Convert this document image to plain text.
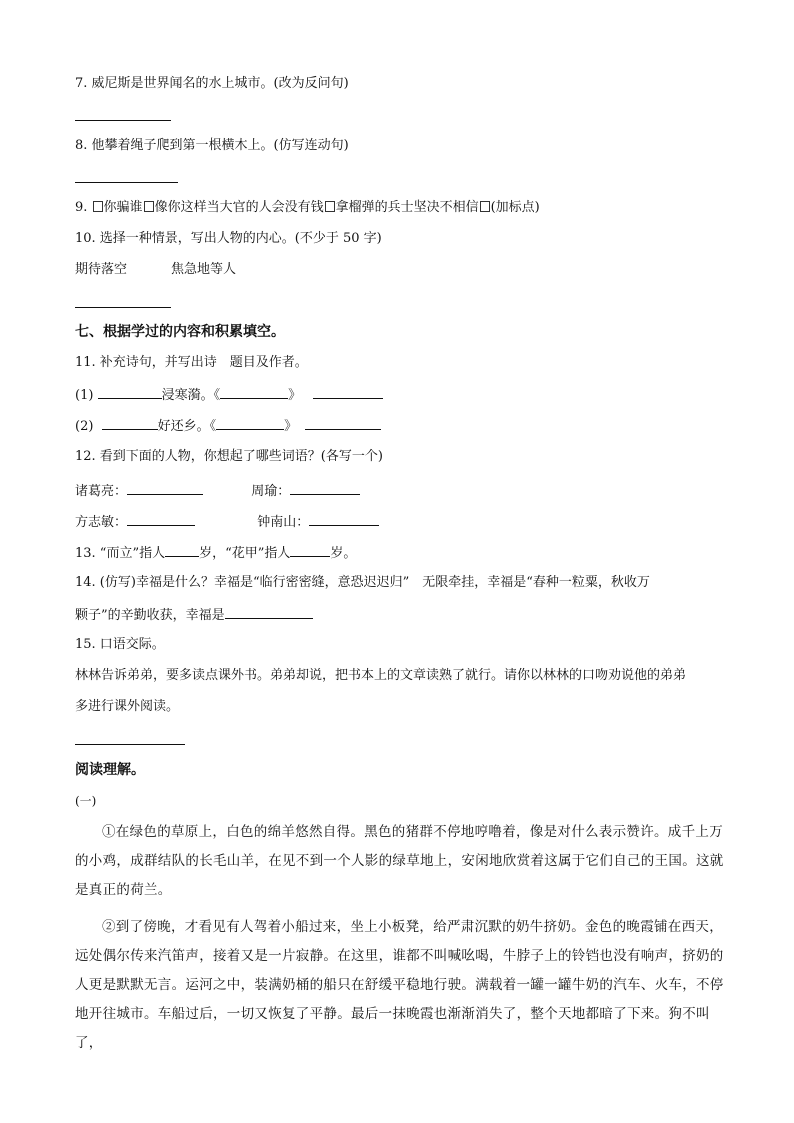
7. 威尼斯是世界闻名的水上城市。(改为反问句)
8. 他攀着绳子爬到第一根横木上。(仿写连动句)
9. 你骗谁 像你这样当大官的人会没有钱 拿榴弹的兵士坚决不相信 (加标点)
10. 选择一种情景，写出人物的内心。(不少于 50 字)
期待落空	焦急地等人
七、根据学过的内容和积累填空。
11. 补充诗句，并写出诗　题目及作者。
(1)	浸寒漪。《	》
(2)	好还乡。《	》
12. 看到下面的人物，你想起了哪些词语？(各写一个)
诸葛亮：	周瑜：
方志敏：	钟南山：
13. “而立”指人	岁，“花甲”指人	岁。
14. (仿写)幸福是什么？幸福是“临行密密缝，意恐迟迟归”　无限牵挂，幸福是“春种一粒粟，秋收万
颗子”的辛勤收获，幸福是
15. 口语交际。
林林告诉弟弟，要多读点课外书。弟弟却说，把书本上的文章读熟了就行。请你以林林的口吻劝说他的弟弟
多进行课外阅读。
阅读理解。
(一)
①在绿色的草原上，白色的绵羊悠然自得。黑色的猪群不停地哼噜着，像是对什么表示赞许。成千上万的小鸡，成群结队的长毛山羊，在见不到一个人影的绿草地上，安闲地欣赏着这属于它们自己的王国。这就是真正的荷兰。
②到了傍晚，才看见有人驾着小船过来，坐上小板凳，给严肃沉默的奶牛挤奶。金色的晚霞铺在西天，远处偶尔传来汽笛声，接着又是一片寂静。在这里，谁都不叫喊吆喝，牛脖子上的铃铛也没有响声，挤奶的人更是默默无言。运河之中，装满奶桶的船只在舒缓平稳地行驶。满载着一罐一罐牛奶的汽车、火车，不停地开往城市。车船过后，一切又恢复了平静。最后一抹晚霞也渐渐消失了，整个天地都暗了下来。狗不叫了，
